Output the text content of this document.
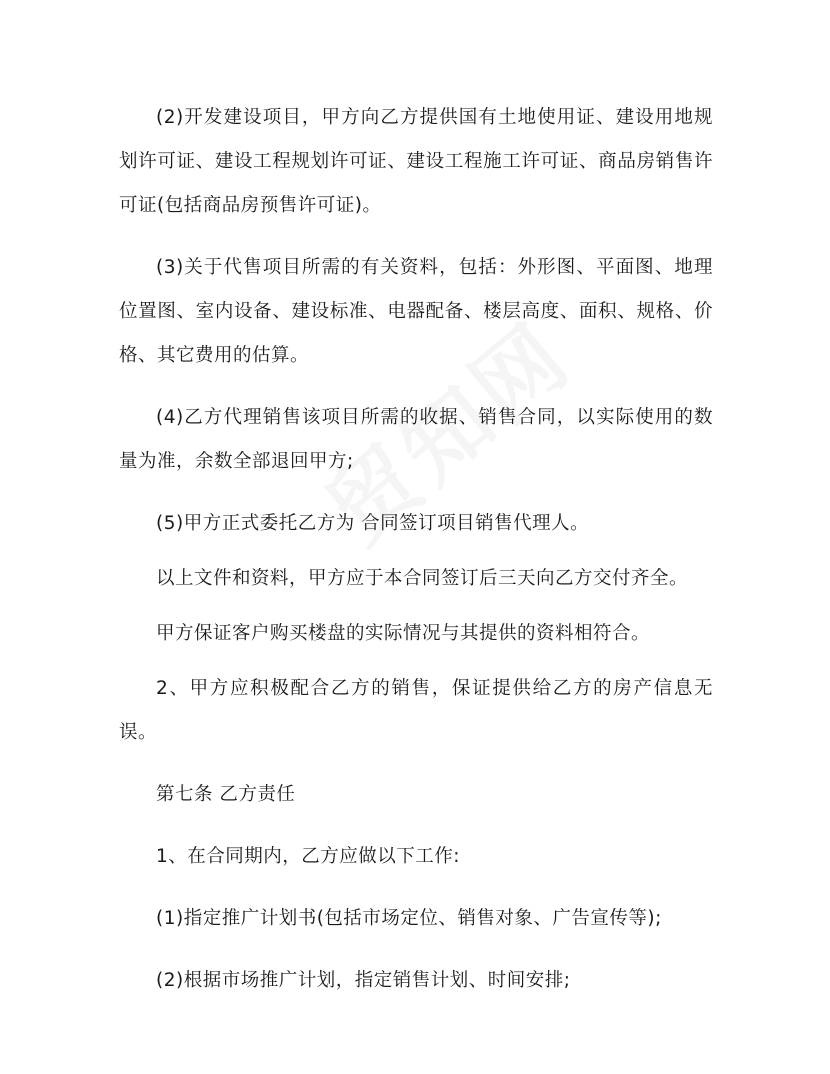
(2)开发建设项目，甲方向乙方提供国有土地使用证、建设用地规划许可证、建设工程规划许可证、建设工程施工许可证、商品房销售许可证(包括商品房预售许可证)。

(3)关于代售项目所需的有关资料，包括：外形图、平面图、地理位置图、室内设备、建设标准、电器配备、楼层高度、面积、规格、价格、其它费用的估算。

(4)乙方代理销售该项目所需的收据、销售合同，以实际使用的数量为准，余数全部退回甲方;

(5)甲方正式委托乙方为 合同签订项目销售代理人。

以上文件和资料，甲方应于本合同签订后三天向乙方交付齐全。

甲方保证客户购买楼盘的实际情况与其提供的资料相符合。

2、甲方应积极配合乙方的销售，保证提供给乙方的房产信息无误。

第七条 乙方责任

1、在合同期内，乙方应做以下工作:

(1)指定推广计划书(包括市场定位、销售对象、广告宣传等);

(2)根据市场推广计划，指定销售计划、时间安排;
